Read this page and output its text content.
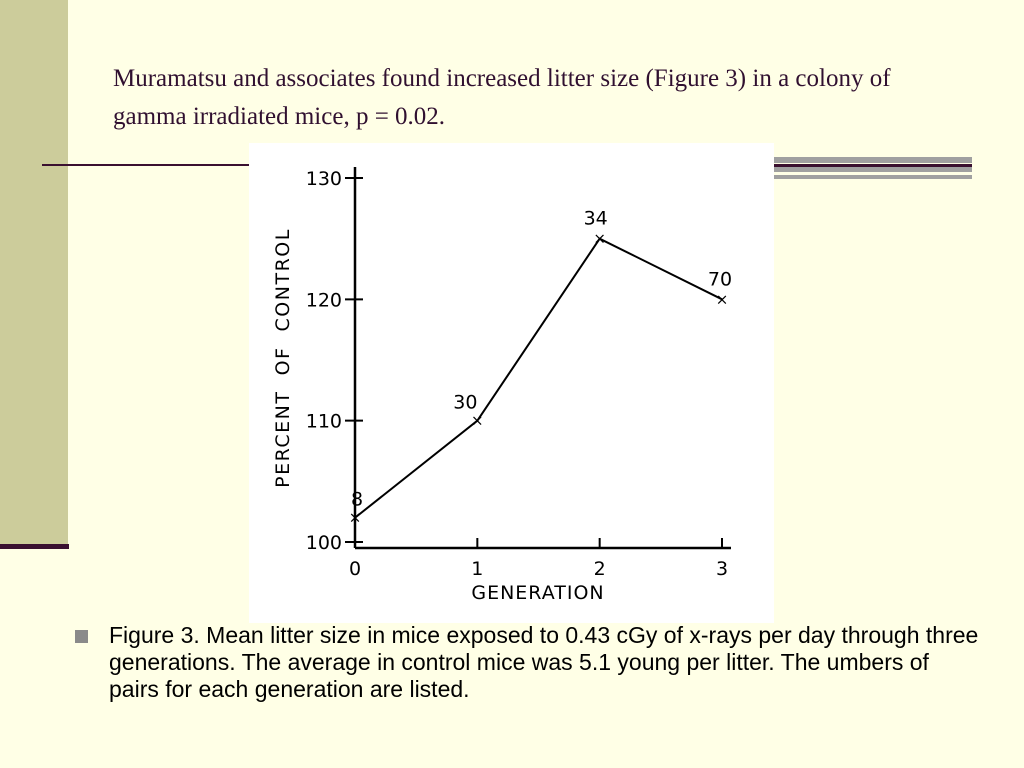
Muramatsu and associates found increased litter size (Figure 3) in a colony of gamma irradiated mice, p = 0.02.
100
110
120
130
0	1	2	3
×
×
×
×
8
30
34
70
GENERATION
PERCENT  OF  CONTROL

Figure 3. Mean litter size in mice exposed to 0.43 cGy of x-rays per day through three generations. The average in control mice was 5.1 young per litter. The umbers of pairs for each generation are listed.
